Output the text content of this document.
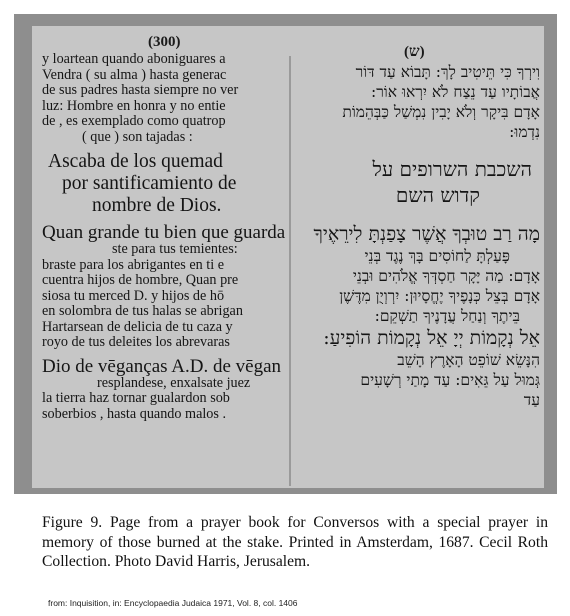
(300)
(ש)
y loartean quando aboniguares a
Vendra ( su alma ) hasta generac
de sus padres hasta siempre no ver
luz: Hombre en honra y no entie
de , es exemplado como quatrop
( que ) son tajadas :
Ascaba de los quemad
por santificamiento de
nombre de Dios.
Quan grande tu bien que guarda
ste para tus temientes:
braste para los abrigantes en ti e
cuentra hijos de hombre, Quan pre
siosa tu merced D. y hijos de hō
en solombra de tus halas se abrigan
Hartarsean de delicia de tu caza y
royo de tus deleites los abrevaras
Dio de vēganças A.D. de vēgan
resplandese, enxalsate juez
la tierra haz tornar gualardon sob
soberbios , hasta quando malos .
וִירְךָ כִּי תֵּיטִיב לָךְ: תָּבוֹא עַד דּוֹר
אֲבוֹתָיו עַד נֵצַח לֹא יִרְאוּ אוֹר:
אָדָם בִּיקָר וְלֹא יָבִין נִמְשַׁל כַּבְּהֵמוֹת
נִדְמוּ:
השכבת השרופים על
קדוש השם
מָה רַב טוּבְךָ אֲשֶׁר צָפַנְתָּ לִירֵאֶיךָ
פָּעַלְתָּ לַחוֹסִים בָּךְ נֶגֶד בְּנֵי
אָדָם: מַה יָּקָר חַסְדְּךָ אֱלֹהִים וּבְנֵי
אָדָם בְּצֵל כְּנָפֶיךָ יֶחֱסָיוּן: יִרְוְיֻן מִדֶּשֶׁן
בֵּיתֶךָ וְנַחַל עֲדָנֶיךָ תַשְׁקֵם:
אֵל נְקָמוֹת יְיָ אֵל נְקָמוֹת הוֹפִיעַ:
הִנָּשֵׂא שׁוֹפֵט הָאָרֶץ הָשֵׁב
גְּמוּל עַל גֵּאִים: עַד מָתַי רְשָׁעִים
עַד
Figure 9. Page from a prayer book for Conversos with a special prayer in memory of those burned at the stake. Printed in Amsterdam, 1687. Cecil Roth Collection. Photo David Harris, Jerusalem.
from: Inquisition, in: Encyclopaedia Judaica 1971, Vol. 8, col. 1406
